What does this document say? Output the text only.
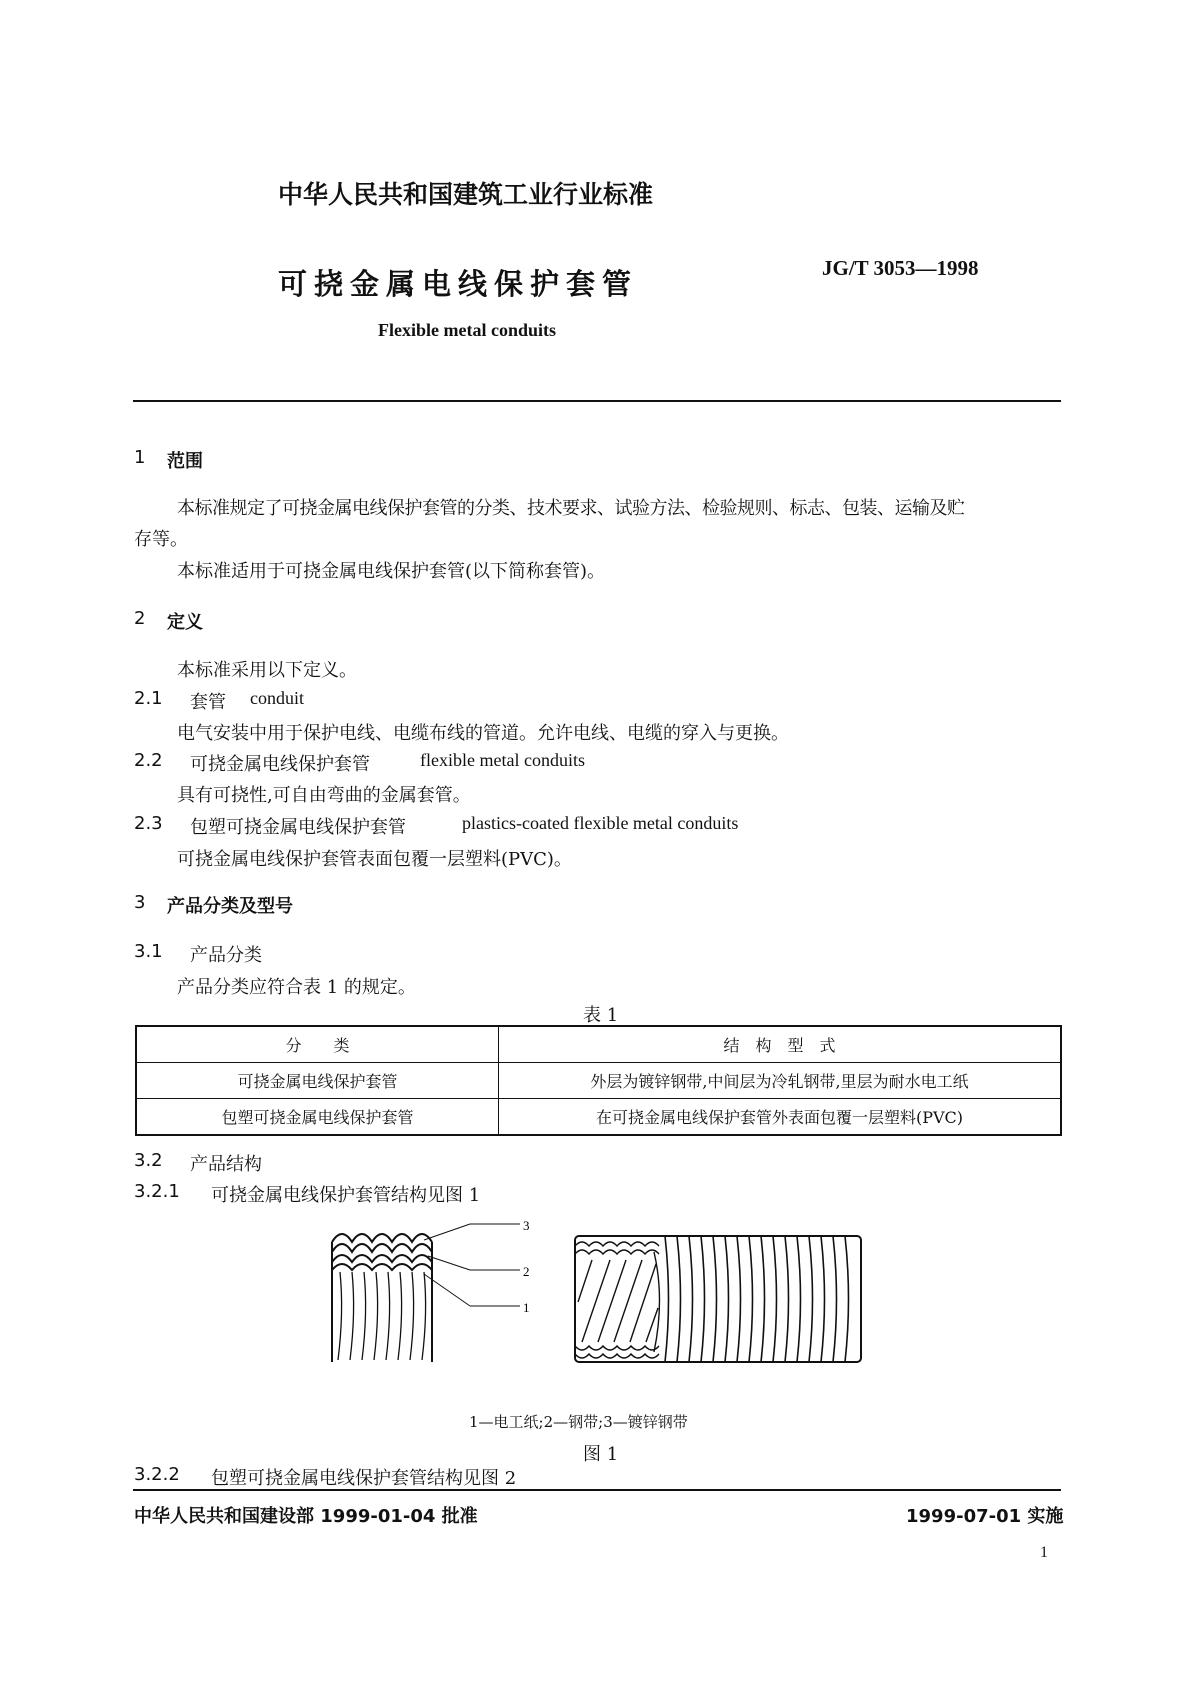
中华人民共和国建筑工业行业标准
可挠金属电线保护套管	JG/T 3053—1998
Flexible metal conduits
1 范围
本标准规定了可挠金属电线保护套管的分类、技术要求、试验方法、检验规则、标志、包装、运输及贮
存等。
本标准适用于可挠金属电线保护套管(以下简称套管)。
2 定义
本标准采用以下定义。
2.1 套管 conduit
电气安装中用于保护电线、电缆布线的管道。允许电线、电缆的穿入与更换。
2.2 可挠金属电线保护套管	flexible metal conduits
具有可挠性,可自由弯曲的金属套管。
2.3 包塑可挠金属电线保护套管	plastics-coated flexible metal conduits
可挠金属电线保护套管表面包覆一层塑料(PVC)。
3 产品分类及型号
3.1 产品分类
产品分类应符合表 1 的规定。
表 1
分　　类	结　构　型　式
可挠金属电线保护套管	外层为镀锌钢带,中间层为冷轧钢带,里层为耐水电工纸
包塑可挠金属电线保护套管	在可挠金属电线保护套管外表面包覆一层塑料(PVC)
3.2 产品结构
3.2.1 可挠金属电线保护套管结构见图 1
3
2
1
1—电工纸;2—钢带;3—镀锌钢带
图 1
3.2.2 包塑可挠金属电线保护套管结构见图 2
中华人民共和国建设部 1999-01-04 批准	1999-07-01 实施
1
